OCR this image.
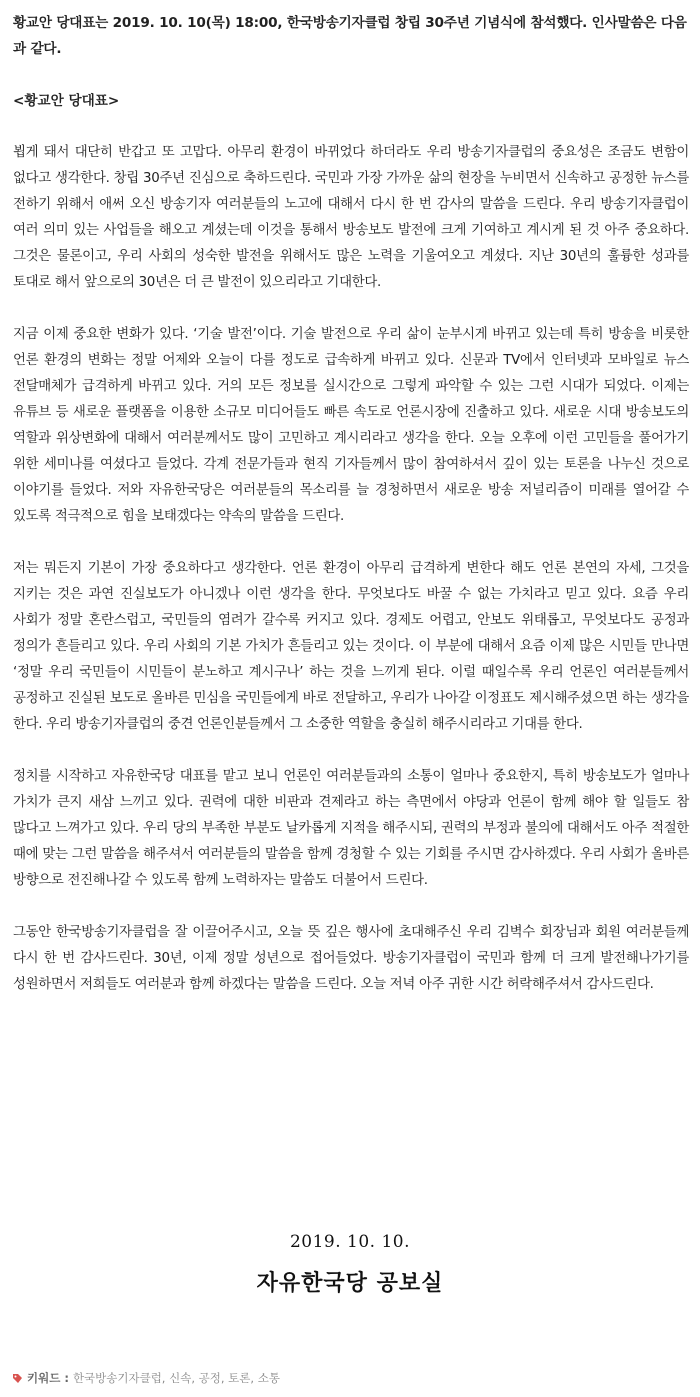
황교안 당대표는 2019. 10. 10(목) 18:00, 한국방송기자클럽 창립 30주년 기념식에 참석했다. 인사말씀은 다음과 같다.

<황교안 당대표>

뵙게 돼서 대단히 반갑고 또 고맙다. 아무리 환경이 바뀌었다 하더라도 우리 방송기자클럽의 중요성은 조금도 변함이 없다고 생각한다. 창립 30주년 진심으로 축하드린다. 국민과 가장 가까운 삶의 현장을 누비면서 신속하고 공정한 뉴스를 전하기 위해서 애써 오신 방송기자 여러분들의 노고에 대해서 다시 한 번 감사의 말씀을 드린다. 우리 방송기자클럽이 여러 의미 있는 사업들을 해오고 계셨는데 이것을 통해서 방송보도 발전에 크게 기여하고 계시게 된 것 아주 중요하다. 그것은 물론이고, 우리 사회의 성숙한 발전을 위해서도 많은 노력을 기울여오고 계셨다. 지난 30년의 훌륭한 성과를 토대로 해서 앞으로의 30년은 더 큰 발전이 있으리라고 기대한다.

지금 이제 중요한 변화가 있다. ‘기술 발전’이다. 기술 발전으로 우리 삶이 눈부시게 바뀌고 있는데 특히 방송을 비롯한 언론 환경의 변화는 정말 어제와 오늘이 다를 정도로 급속하게 바뀌고 있다. 신문과 TV에서 인터넷과 모바일로 뉴스 전달매체가 급격하게 바뀌고 있다. 거의 모든 정보를 실시간으로 그렇게 파악할 수 있는 그런 시대가 되었다. 이제는 유튜브 등 새로운 플랫폼을 이용한 소규모 미디어들도 빠른 속도로 언론시장에 진출하고 있다. 새로운 시대 방송보도의 역할과 위상변화에 대해서 여러분께서도 많이 고민하고 계시리라고 생각을 한다. 오늘 오후에 이런 고민들을 풀어가기 위한 세미나를 여셨다고 들었다. 각계 전문가들과 현직 기자들께서 많이 참여하셔서 깊이 있는 토론을 나누신 것으로 이야기를 들었다. 저와 자유한국당은 여러분들의 목소리를 늘 경청하면서 새로운 방송 저널리즘이 미래를 열어갈 수 있도록 적극적으로 힘을 보태겠다는 약속의 말씀을 드린다.

저는 뭐든지 기본이 가장 중요하다고 생각한다. 언론 환경이 아무리 급격하게 변한다 해도 언론 본연의 자세, 그것을 지키는 것은 과연 진실보도가 아니겠나 이런 생각을 한다. 무엇보다도 바꿀 수 없는 가치라고 믿고 있다. 요즘 우리 사회가 정말 혼란스럽고, 국민들의 염려가 갈수록 커지고 있다. 경제도 어렵고, 안보도 위태롭고, 무엇보다도 공정과 정의가 흔들리고 있다. 우리 사회의 기본 가치가 흔들리고 있는 것이다. 이 부분에 대해서 요즘 이제 많은 시민들 만나면 ‘정말 우리 국민들이 시민들이 분노하고 계시구나’ 하는 것을 느끼게 된다. 이럴 때일수록 우리 언론인 여러분들께서 공정하고 진실된 보도로 올바른 민심을 국민들에게 바로 전달하고, 우리가 나아갈 이정표도 제시해주셨으면 하는 생각을 한다. 우리 방송기자클럽의 중견 언론인분들께서 그 소중한 역할을 충실히 해주시리라고 기대를 한다.

정치를 시작하고 자유한국당 대표를 맡고 보니 언론인 여러분들과의 소통이 얼마나 중요한지, 특히 방송보도가 얼마나 가치가 큰지 새삼 느끼고 있다. 권력에 대한 비판과 견제라고 하는 측면에서 야당과 언론이 함께 해야 할 일들도 참 많다고 느껴가고 있다. 우리 당의 부족한 부분도 날카롭게 지적을 해주시되, 권력의 부정과 불의에 대해서도 아주 적절한 때에 맞는 그런 말씀을 해주셔서 여러분들의 말씀을 함께 경청할 수 있는 기회를 주시면 감사하겠다. 우리 사회가 올바른 방향으로 전진해나갈 수 있도록 함께 노력하자는 말씀도 더불어서 드린다.

그동안 한국방송기자클럽을 잘 이끌어주시고, 오늘 뜻 깊은 행사에 초대해주신 우리 김벽수 회장님과 회원 여러분들께 다시 한 번 감사드린다. 30년, 이제 정말 성년으로 접어들었다. 방송기자클럽이 국민과 함께 더 크게 발전해나가기를 성원하면서 저희들도 여러분과 함께 하겠다는 말씀을 드린다. 오늘 저녁 아주 귀한 시간 허락해주셔서 감사드린다.

2019. 10. 10.
자유한국당 공보실
키워드 : 한국방송기자클럽, 신속, 공정, 토론, 소통
